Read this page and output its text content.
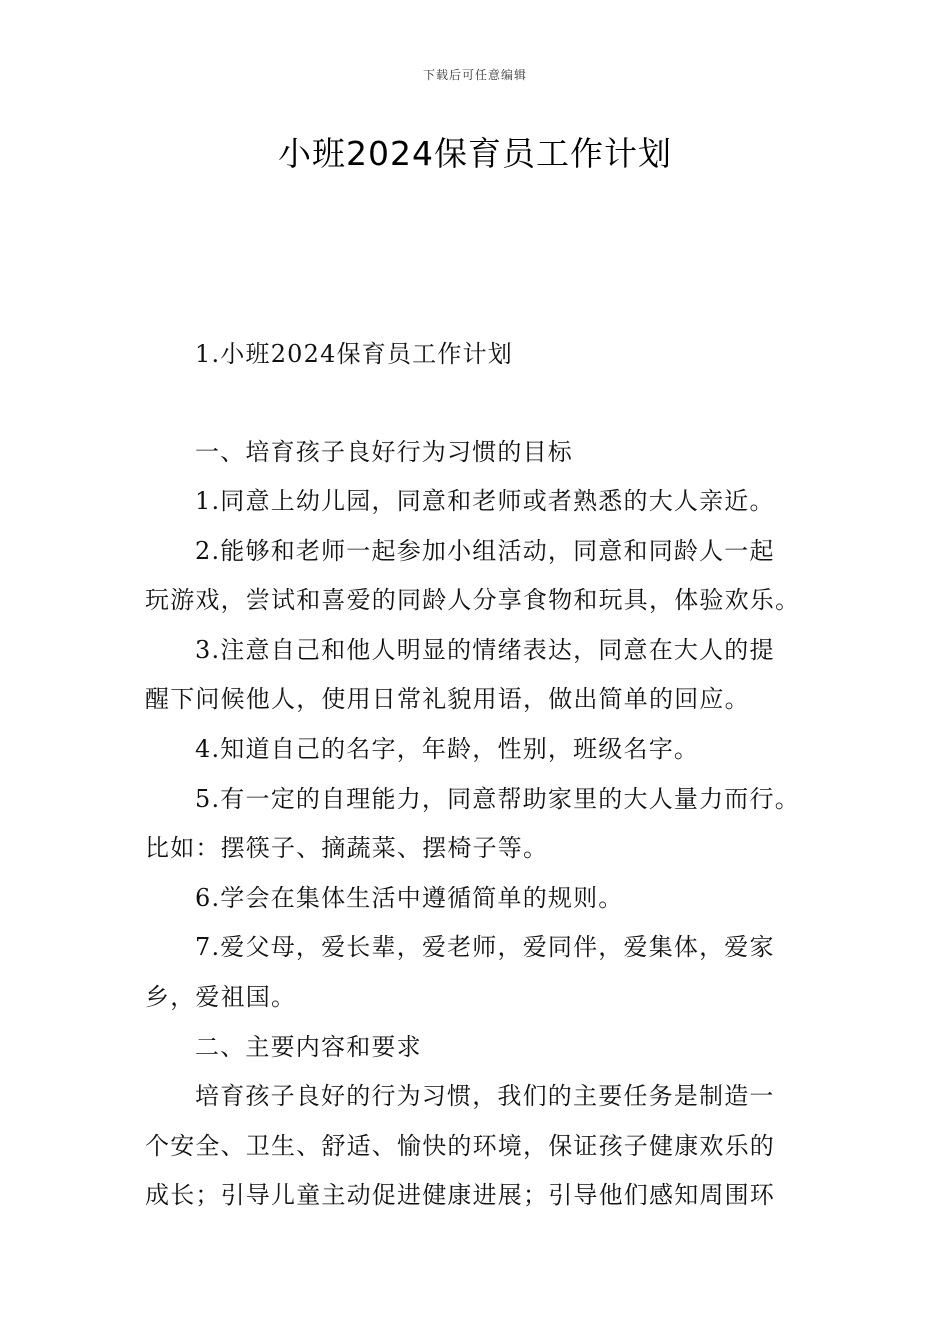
下载后可任意编辑
小班2024保育员工作计划
1.小班2024保育员工作计划
一、培育孩子良好行为习惯的目标
1.同意上幼儿园，同意和老师或者熟悉的大人亲近。
2.能够和老师一起参加小组活动，同意和同龄人一起
玩游戏，尝试和喜爱的同龄人分享食物和玩具，体验欢乐。
3.注意自己和他人明显的情绪表达，同意在大人的提
醒下问候他人，使用日常礼貌用语，做出简单的回应。
4.知道自己的名字，年龄，性别，班级名字。
5.有一定的自理能力，同意帮助家里的大人量力而行。
比如：摆筷子、摘蔬菜、摆椅子等。
6.学会在集体生活中遵循简单的规则。
7.爱父母，爱长辈，爱老师，爱同伴，爱集体，爱家
乡，爱祖国。
二、主要内容和要求
培育孩子良好的行为习惯，我们的主要任务是制造一
个安全、卫生、舒适、愉快的环境，保证孩子健康欢乐的
成长；引导儿童主动促进健康进展；引导他们感知周围环
